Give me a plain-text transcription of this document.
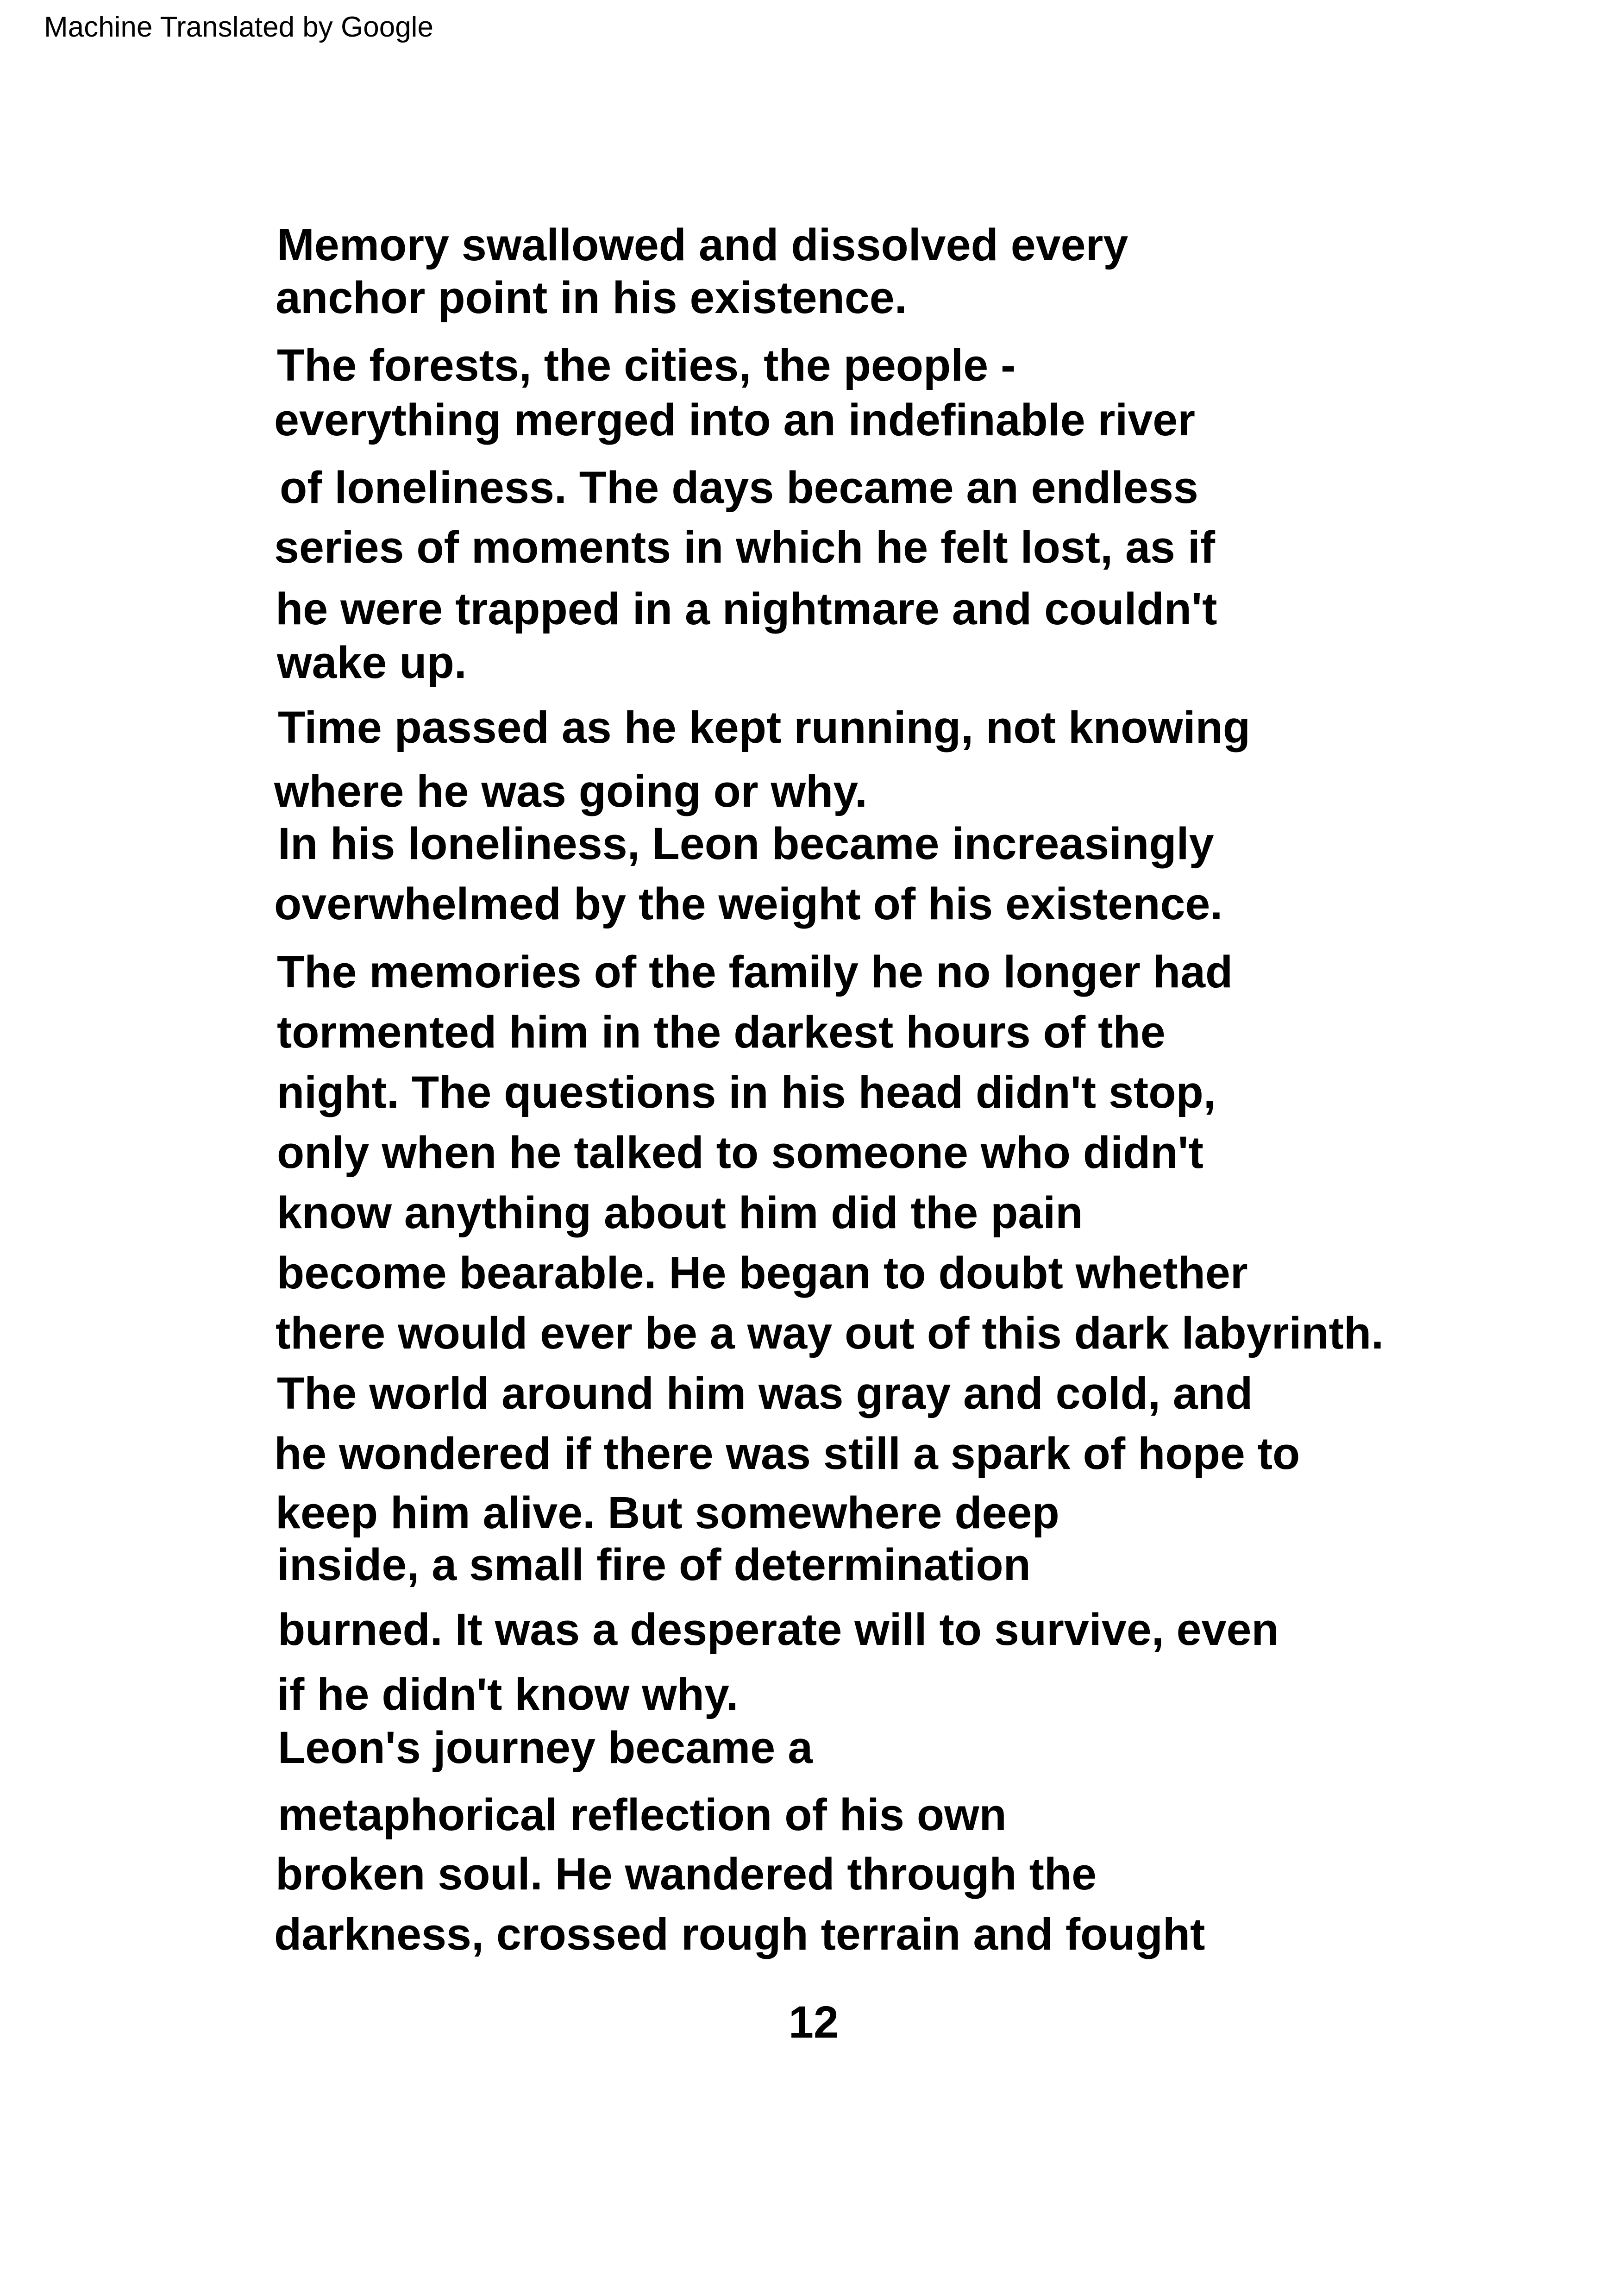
Machine Translated by Google
Memory swallowed and dissolved every
anchor point in his existence.
The forests, the cities, the people -
everything merged into an indefinable river
of loneliness. The days became an endless
series of moments in which he felt lost, as if
he were trapped in a nightmare and couldn't
wake up.
Time passed as he kept running, not knowing
where he was going or why.
In his loneliness, Leon became increasingly
overwhelmed by the weight of his existence.
The memories of the family he no longer had
tormented him in the darkest hours of the
night. The questions in his head didn't stop,
only when he talked to someone who didn't
know anything about him did the pain
become bearable. He began to doubt whether
there would ever be a way out of this dark labyrinth.
The world around him was gray and cold, and
he wondered if there was still a spark of hope to
keep him alive. But somewhere deep
inside, a small fire of determination
burned. It was a desperate will to survive, even
if he didn't know why.
Leon's journey became a
metaphorical reflection of his own
broken soul. He wandered through the
darkness, crossed rough terrain and fought
12
